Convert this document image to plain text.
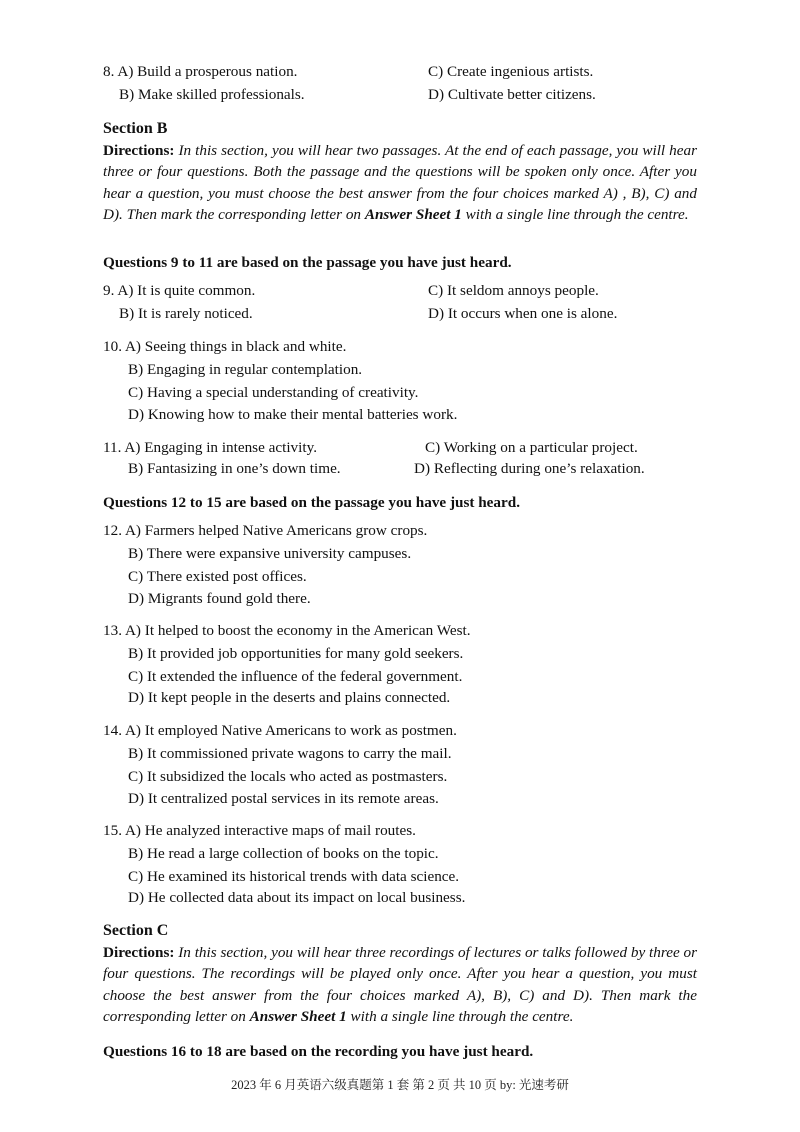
8. A) Build a prosperous nation.	C) Create ingenious artists.
B) Make skilled professionals.	D) Cultivate better citizens.
Section B
Directions: In this section, you will hear two passages. At the end of each passage, you will hear three or four questions. Both the passage and the questions will be spoken only once. After you hear a question, you must choose the best answer from the four choices marked A) , B), C) and D). Then mark the corresponding letter on Answer Sheet 1 with a single line through the centre.
Questions 9 to 11 are based on the passage you have just heard.
9. A) It is quite common.	C) It seldom annoys people.
B) It is rarely noticed.	D) It occurs when one is alone.
10. A) Seeing things in black and white.
B) Engaging in regular contemplation.
C) Having a special understanding of creativity.
D) Knowing how to make their mental batteries work.
11. A) Engaging in intense activity.	C) Working on a particular project.
B) Fantasizing in one’s down time.	D) Reflecting during one’s relaxation.
Questions 12 to 15 are based on the passage you have just heard.
12. A) Farmers helped Native Americans grow crops.
B) There were expansive university campuses.
C) There existed post offices.
D) Migrants found gold there.
13. A) It helped to boost the economy in the American West.
B) It provided job opportunities for many gold seekers.
C) It extended the influence of the federal government.
D) It kept people in the deserts and plains connected.
14. A) It employed Native Americans to work as postmen.
B) It commissioned private wagons to carry the mail.
C) It subsidized the locals who acted as postmasters.
D) It centralized postal services in its remote areas.
15. A) He analyzed interactive maps of mail routes.
B) He read a large collection of books on the topic.
C) He examined its historical trends with data science.
D) He collected data about its impact on local business.
Section C
Directions: In this section, you will hear three recordings of lectures or talks followed by three or four questions. The recordings will be played only once. After you hear a question, you must choose the best answer from the four choices marked A), B), C) and D). Then mark the corresponding letter on Answer Sheet 1 with a single line through the centre.
Questions 16 to 18 are based on the recording you have just heard.
2023 年 6 月英语六级真题第 1 套 第 2 页 共 10 页 by: 光速考研
